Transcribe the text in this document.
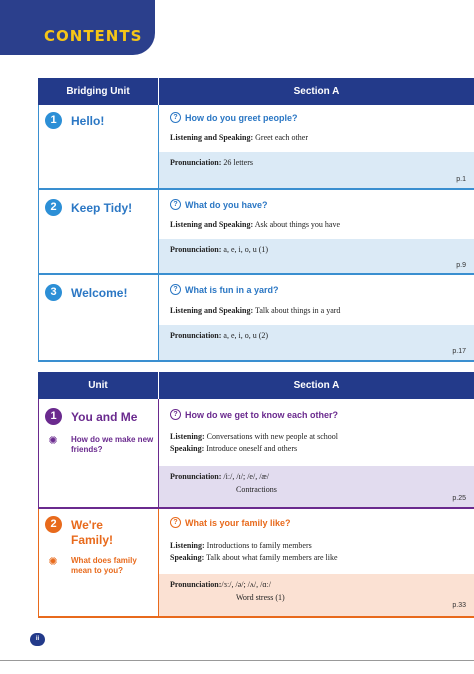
CONTENTS
Bridging Unit	Section A
1	Hello!
p.1
? How do you greet people?
Listening and Speaking: Greet each other
Pronunciation: 26 letters
2	Keep Tidy!
p.9
? What do you have?
Listening and Speaking: Ask about things you have
Pronunciation: a, e, i, o, u (1)
3	Welcome!
p.17
? What is fun in a yard?
Listening and Speaking: Talk about things in a yard
Pronunciation: a, e, i, o, u (2)
Unit	Section A
1	You and Me
✺ How do we make new friends?
p.25
? How do we get to know each other?
Listening: Conversations with new people at school
Speaking: Introduce oneself and others
Pronunciation: /iː/, /ɪ/; /e/, /æ/
Contractions
2	We're Family!
✺ What does family mean to you?
p.33
? What is your family like?
Listening: Introductions to family members
Speaking: Talk about what family members are like
Pronunciation:/ɜː/, /ə/; /ʌ/, /ɑː/
Word stress (1)
ii
